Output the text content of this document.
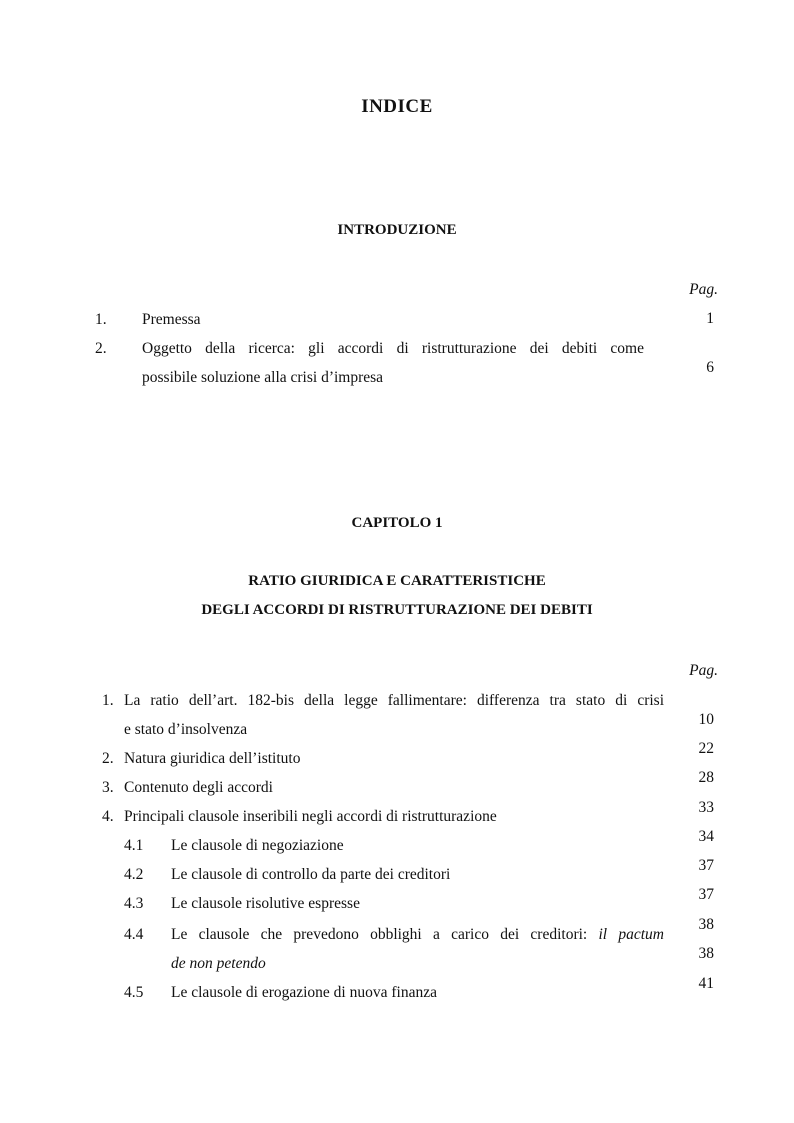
INDICE
INTRODUZIONE
Pag.
1. Premessa	1
2. Oggetto della ricerca: gli accordi di ristrutturazione dei debiti come
possibile soluzione alla crisi d’impresa
6
CAPITOLO 1
RATIO GIURIDICA E CARATTERISTICHE
DEGLI ACCORDI DI RISTRUTTURAZIONE DEI DEBITI
Pag.
1. La ratio dell’art. 182-bis della legge fallimentare: differenza tra stato di crisi
e stato d’insolvenza
2. Natura giuridica dell’istituto
3. Contenuto degli accordi
4. Principali clausole inseribili negli accordi di ristrutturazione
4.1 Le clausole di negoziazione
4.2 Le clausole di controllo da parte dei creditori
4.3 Le clausole risolutive espresse
4.4 Le clausole che prevedono obblighi a carico dei creditori: il pactum
de non petendo
4.5 Le clausole di erogazione di nuova finanza
10
22
28
33
34
37
37
38
38
41
